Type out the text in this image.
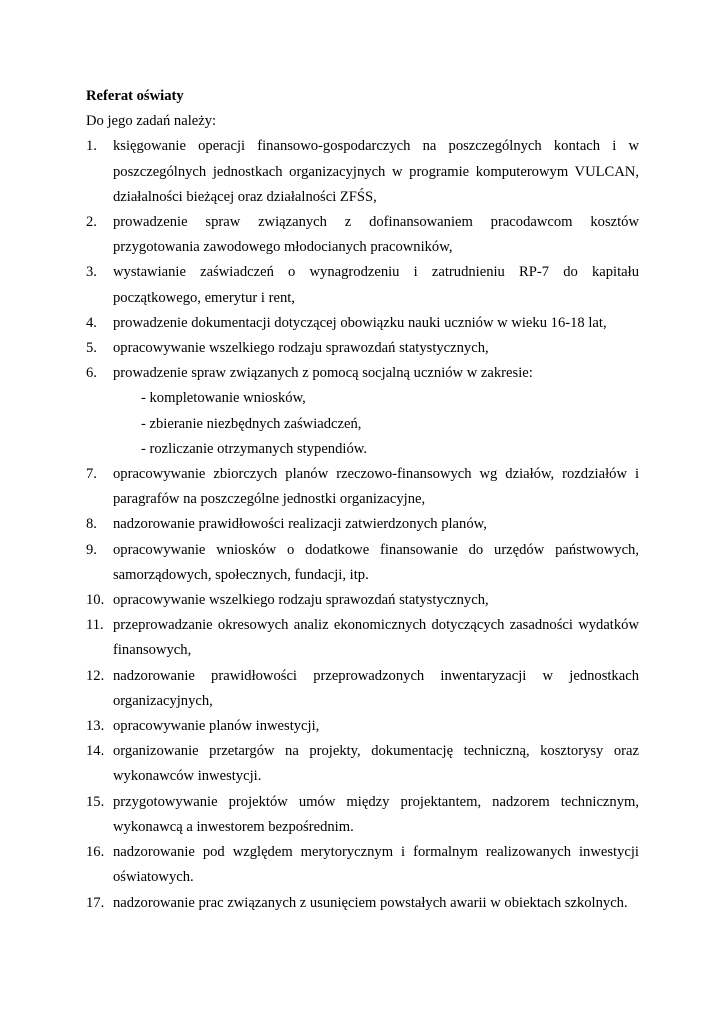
Referat oświaty
Do jego zadań należy:
1. księgowanie operacji finansowo-gospodarczych na poszczególnych kontach i w poszczególnych jednostkach organizacyjnych w programie komputerowym VULCAN, działalności bieżącej oraz działalności ZFŚS,
2. prowadzenie spraw związanych z dofinansowaniem pracodawcom kosztów przygotowania zawodowego młodocianych pracowników,
3. wystawianie zaświadczeń o wynagrodzeniu i zatrudnieniu RP-7 do kapitału początkowego, emerytur i rent,
4. prowadzenie dokumentacji dotyczącej obowiązku nauki uczniów w wieku 16-18 lat,
5. opracowywanie wszelkiego rodzaju sprawozdań statystycznych,
6. prowadzenie spraw związanych z pomocą socjalną uczniów w zakresie:
- kompletowanie wniosków,
- zbieranie niezbędnych zaświadczeń,
- rozliczanie otrzymanych stypendiów.
7. opracowywanie zbiorczych planów rzeczowo-finansowych wg działów, rozdziałów i paragrafów na poszczególne jednostki organizacyjne,
8. nadzorowanie prawidłowości realizacji zatwierdzonych planów,
9. opracowywanie wniosków o dodatkowe finansowanie do urzędów państwowych, samorządowych, społecznych, fundacji, itp.
10. opracowywanie wszelkiego rodzaju sprawozdań statystycznych,
11. przeprowadzanie okresowych analiz ekonomicznych dotyczących zasadności wydatków finansowych,
12. nadzorowanie prawidłowości przeprowadzonych inwentaryzacji w jednostkach organizacyjnych,
13. opracowywanie planów inwestycji,
14. organizowanie przetargów na projekty, dokumentację techniczną, kosztorysy oraz wykonawców inwestycji.
15. przygotowywanie projektów umów między projektantem, nadzorem technicznym, wykonawcą a inwestorem bezpośrednim.
16. nadzorowanie pod względem merytorycznym i formalnym realizowanych inwestycji oświatowych.
17. nadzorowanie prac związanych z usunięciem powstałych awarii w obiektach szkolnych.
